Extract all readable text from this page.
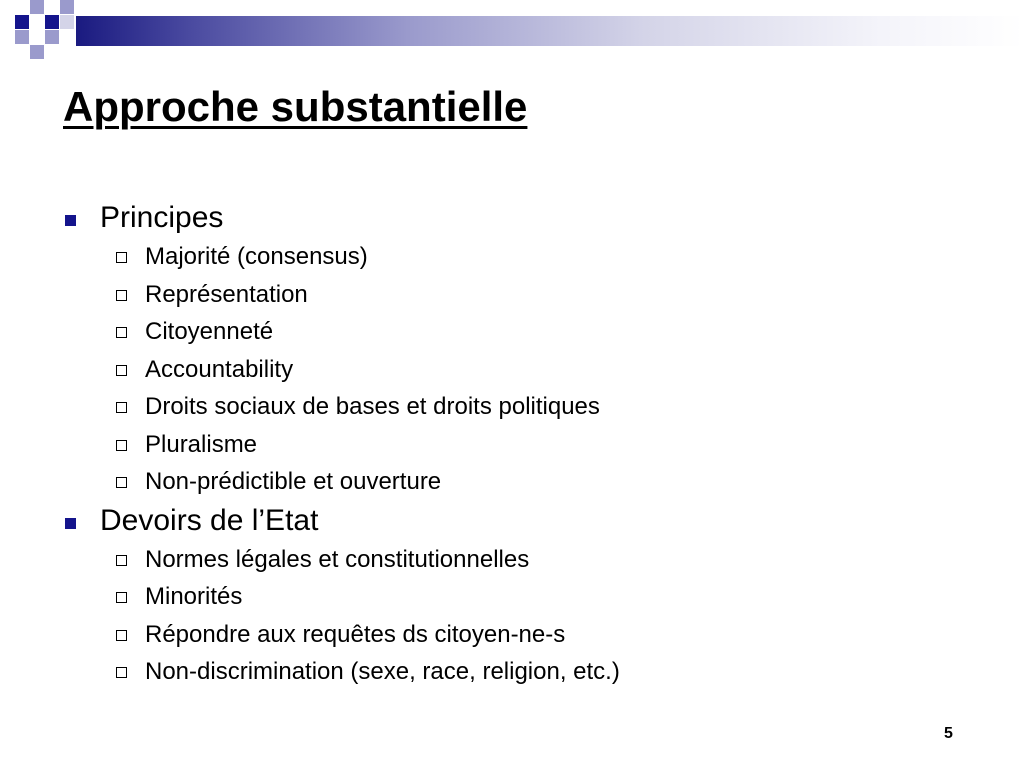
Approche substantielle
Principes
Majorité (consensus)
Représentation
Citoyenneté
Accountability
Droits sociaux de bases et droits politiques
Pluralisme
Non-prédictible et ouverture
Devoirs de l’Etat
Normes légales et constitutionnelles
Minorités
Répondre aux requêtes ds citoyen-ne-s
Non-discrimination (sexe, race, religion, etc.)
5
